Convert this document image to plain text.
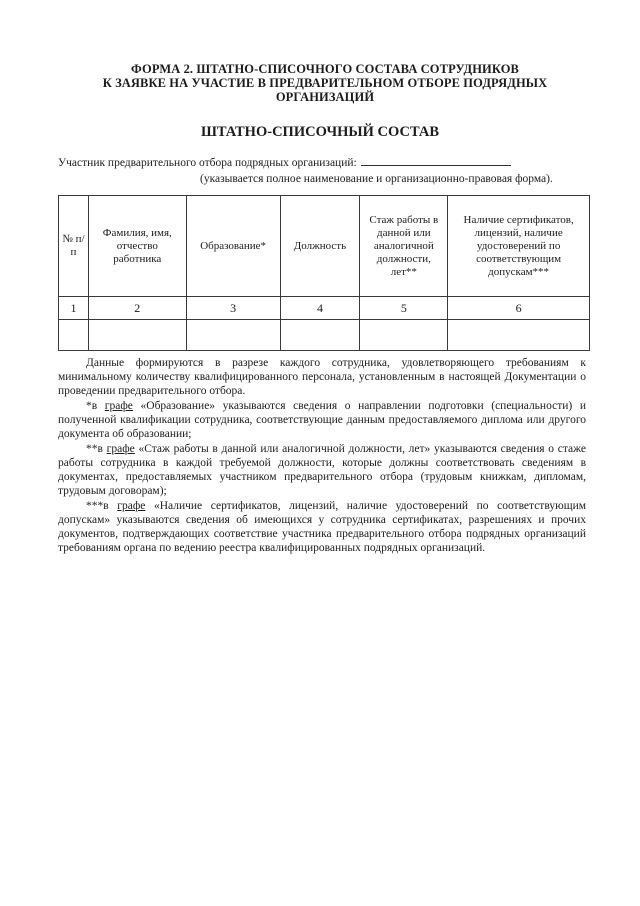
ФОРМА 2. ШТАТНО-СПИСОЧНОГО СОСТАВА СОТРУДНИКОВ
К ЗАЯВКЕ НА УЧАСТИЕ В ПРЕДВАРИТЕЛЬНОМ ОТБОРЕ ПОДРЯДНЫХ
ОРГАНИЗАЦИЙ
ШТАТНО-СПИСОЧНЫЙ СОСТАВ
Участник предварительного отбора подрядных организаций:
(указывается полное наименование и организационно-правовая форма).
№ п/п	Фамилия, имя, отчество работника	Образование*	Должность	Стаж работы в данной или аналогичной должности, лет**	Наличие сертификатов, лицензий, наличие удостоверений по соответствующим допускам***
1	2	3	4	5	6

Данные формируются в разрезе каждого сотрудника, удовлетворяющего требованиям к минимальному количеству квалифицированного персонала, установленным в настоящей Документации о проведении предварительного отбора.

*в графе «Образование» указываются сведения о направлении подготовки (специальности) и полученной квалификации сотрудника, соответствующие данным предоставляемого диплома или другого документа об образовании;

**в графе «Стаж работы в данной или аналогичной должности, лет» указываются сведения о стаже работы сотрудника в каждой требуемой должности, которые должны соответствовать сведениям в документах, предоставляемых участником предварительного отбора (трудовым книжкам, дипломам, трудовым договорам);

***в графе «Наличие сертификатов, лицензий, наличие удостоверений по соответствующим допускам» указываются сведения об имеющихся у сотрудника сертификатах, разрешениях и прочих документов, подтверждающих соответствие участника предварительного отбора подрядных организаций требованиям органа по ведению реестра квалифицированных подрядных организаций.
